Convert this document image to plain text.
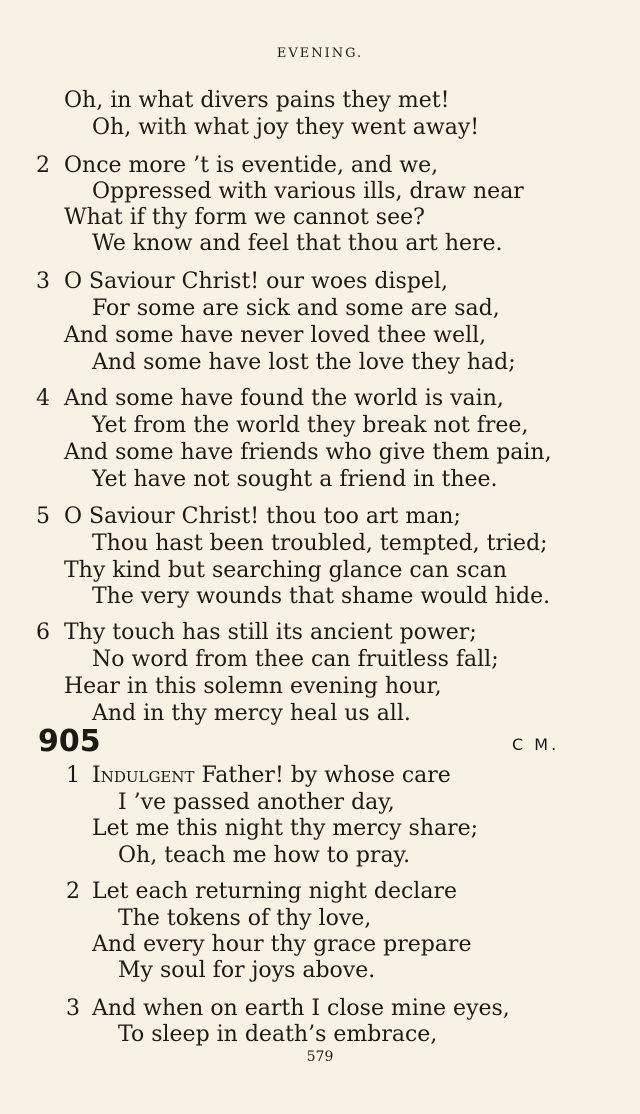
EVENING.
Oh, in what divers pains they met!
Oh, with what joy they went away!
2 Once more ’t is eventide, and we,
Oppressed with various ills, draw near
What if thy form we cannot see?
We know and feel that thou art here.
3 O Saviour Christ! our woes dispel,
For some are sick and some are sad,
And some have never loved thee well,
And some have lost the love they had;
4 And some have found the world is vain,
Yet from the world they break not free,
And some have friends who give them pain,
Yet have not sought a friend in thee.
5 O Saviour Christ! thou too art man;
Thou hast been troubled, tempted, tried;
Thy kind but searching glance can scan
The very wounds that shame would hide.
6 Thy touch has still its ancient power;
No word from thee can fruitless fall;
Hear in this solemn evening hour,
And in thy mercy heal us all.
905	C M.
1 Indulgent Father! by whose care
I ’ve passed another day,
Let me this night thy mercy share;
Oh, teach me how to pray.
2 Let each returning night declare
The tokens of thy love,
And every hour thy grace prepare
My soul for joys above.
3 And when on earth I close mine eyes,
To sleep in death’s embrace,
579
